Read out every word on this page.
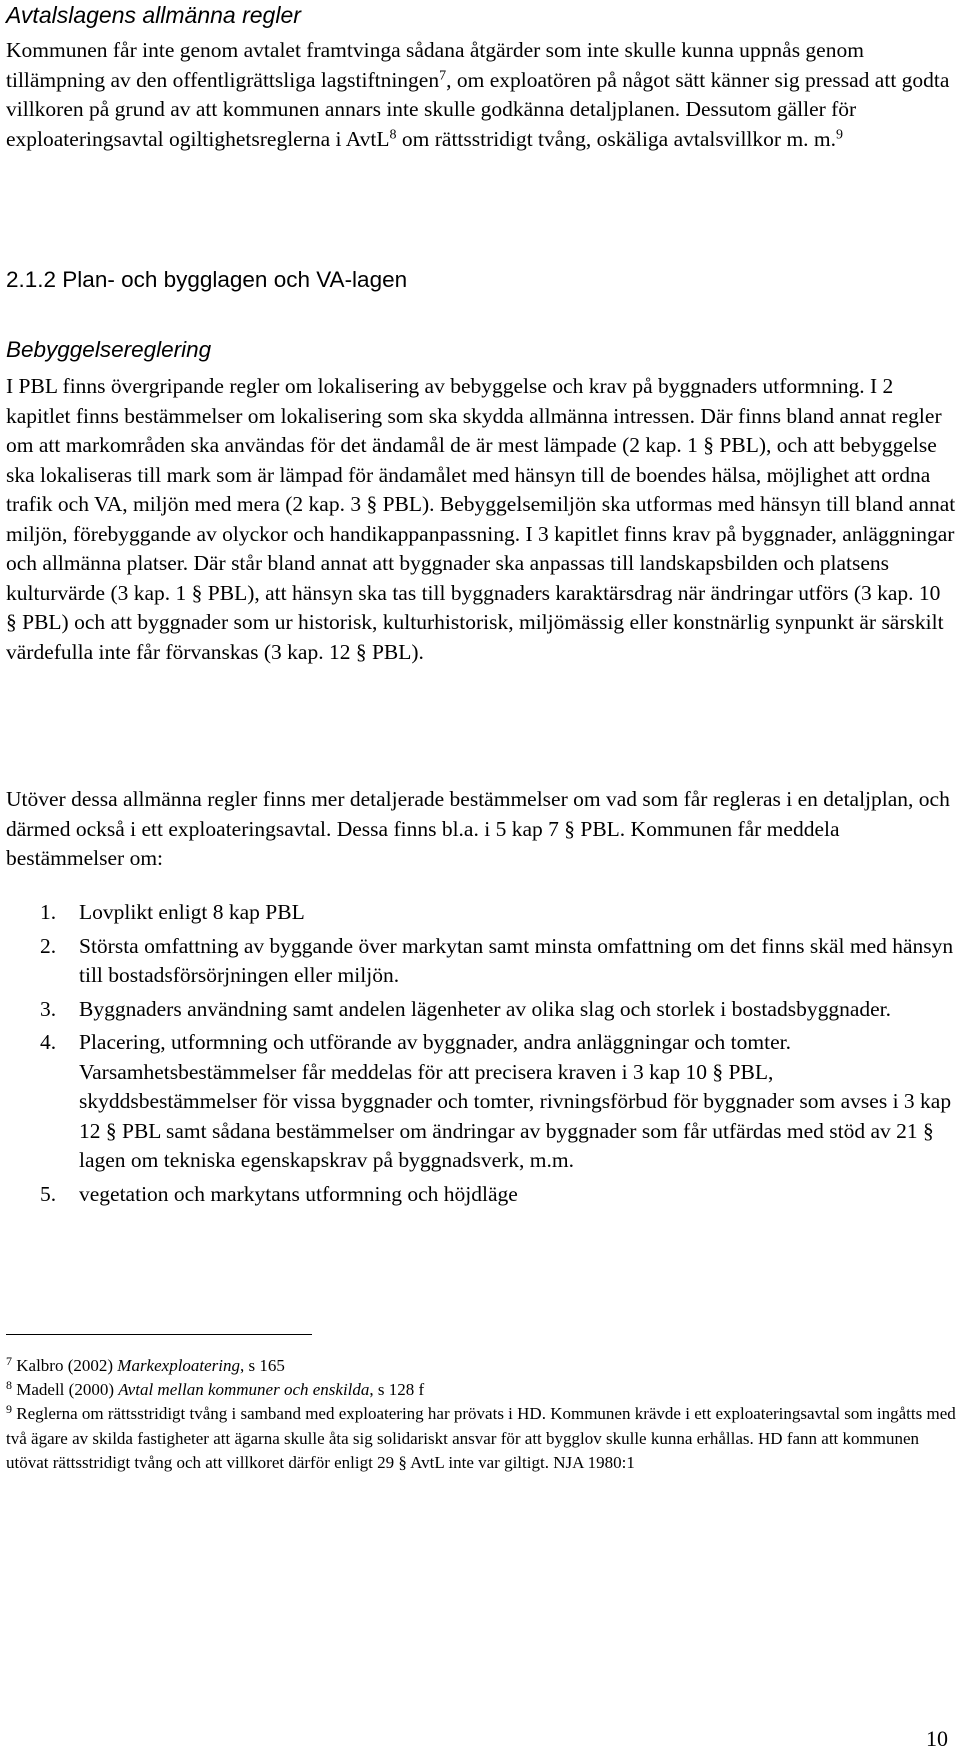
Avtalslagens allmänna regler

Kommunen får inte genom avtalet framtvinga sådana åtgärder som inte skulle kunna uppnås genom tillämpning av den offentligrättsliga lagstiftningen$^7$, om exploatören på något sätt känner sig pressad att godta villkoren på grund av att kommunen annars inte skulle godkänna detaljplanen. Dessutom gäller för exploateringsavtal ogiltighetsreglerna i AvtL$^8$ om rättsstridigt tvång, oskäliga avtalsvillkor m. m.$^9$

2.1.2 Plan- och bygglagen och VA-lagen
Bebyggelsereglering

I PBL finns övergripande regler om lokalisering av bebyggelse och krav på byggnaders utformning. I 2 kapitlet finns bestämmelser om lokalisering som ska skydda allmänna intressen. Där finns bland annat regler om att markområden ska användas för det ändamål de är mest lämpade (2 kap. 1 § PBL), och att bebyggelse ska lokaliseras till mark som är lämpad för ändamålet med hänsyn till de boendes hälsa, möjlighet att ordna trafik och VA, miljön med mera (2 kap. 3 § PBL). Bebyggelsemiljön ska utformas med hänsyn till bland annat miljön, förebyggande av olyckor och handikappanpassning. I 3 kapitlet finns krav på byggnader, anläggningar och allmänna platser. Där står bland annat att byggnader ska anpassas till landskapsbilden och platsens kulturvärde (3 kap. 1 § PBL), att hänsyn ska tas till byggnaders karaktärsdrag när ändringar utförs (3 kap. 10 § PBL) och att byggnader som ur historisk, kulturhistorisk, miljömässig eller konstnärlig synpunkt är särskilt värdefulla inte får förvanskas (3 kap. 12 § PBL).

Utöver dessa allmänna regler finns mer detaljerade bestämmelser om vad som får regleras i en detaljplan, och därmed också i ett exploateringsavtal. Dessa finns bl.a. i 5 kap 7 § PBL. Kommunen får meddela bestämmelser om:

1. Lovplikt enligt 8 kap PBL
2. Största omfattning av byggande över markytan samt minsta omfattning om det finns skäl med hänsyn till bostadsförsörjningen eller miljön.
3. Byggnaders användning samt andelen lägenheter av olika slag och storlek i bostadsbyggnader.
4. Placering, utformning och utförande av byggnader, andra anläggningar och tomter. Varsamhetsbestämmelser får meddelas för att precisera kraven i 3 kap 10 § PBL, skyddsbestämmelser för vissa byggnader och tomter, rivningsförbud för byggnader som avses i 3 kap 12 § PBL samt sådana bestämmelser om ändringar av byggnader som får utfärdas med stöd av 21 § lagen om tekniska egenskapskrav på byggnadsverk, m.m.
5. vegetation och markytans utformning och höjdläge

$^7$ Kalbro (2002) Markexploatering, s 165

$^8$ Madell (2000) Avtal mellan kommuner och enskilda, s 128 f

$^9$ Reglerna om rättsstridigt tvång i samband med exploatering har prövats i HD. Kommunen krävde i ett exploateringsavtal som ingåtts med två ägare av skilda fastigheter att ägarna skulle åta sig solidariskt ansvar för att bygglov skulle kunna erhållas. HD fann att kommunen utövat rättsstridigt tvång och att villkoret därför enligt 29 § AvtL inte var giltigt. NJA 1980:1

10
